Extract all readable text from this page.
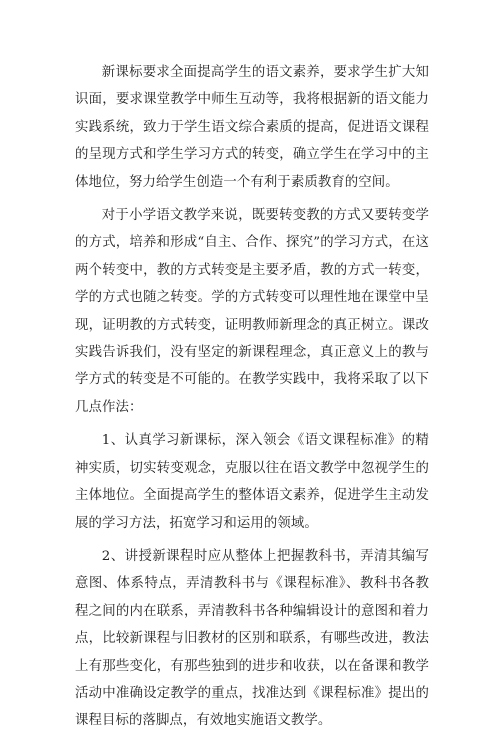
新课标要求全面提高学生的语文素养，要求学生扩大知识面，要求课堂教学中师生互动等，我将根据新的语文能力实践系统，致力于学生语文综合素质的提高，促进语文课程的呈现方式和学生学习方式的转变，确立学生在学习中的主体地位，努力给学生创造一个有利于素质教育的空间。

对于小学语文教学来说，既要转变教的方式又要转变学的方式，培养和形成“自主、合作、探究”的学习方式，在这两个转变中，教的方式转变是主要矛盾，教的方式一转变，学的方式也随之转变。学的方式转变可以理性地在课堂中呈现，证明教的方式转变，证明教师新理念的真正树立。课改实践告诉我们，没有坚定的新课程理念，真正意义上的教与学方式的转变是不可能的。在教学实践中，我将采取了以下几点作法：

1、认真学习新课标，深入领会《语文课程标准》的精神实质，切实转变观念，克服以往在语文教学中忽视学生的主体地位。全面提高学生的整体语文素养，促进学生主动发展的学习方法，拓宽学习和运用的领域。

2、讲授新课程时应从整体上把握教科书，弄清其编写意图、体系特点，弄清教科书与《课程标准》、教科书各教程之间的内在联系，弄清教科书各种编辑设计的意图和着力点，比较新课程与旧教材的区别和联系，有哪些改进，教法上有那些变化，有那些独到的进步和收获，以在备课和教学活动中准确设定教学的重点，找准达到《课程标准》提出的课程目标的落脚点，有效地实施语文教学。
